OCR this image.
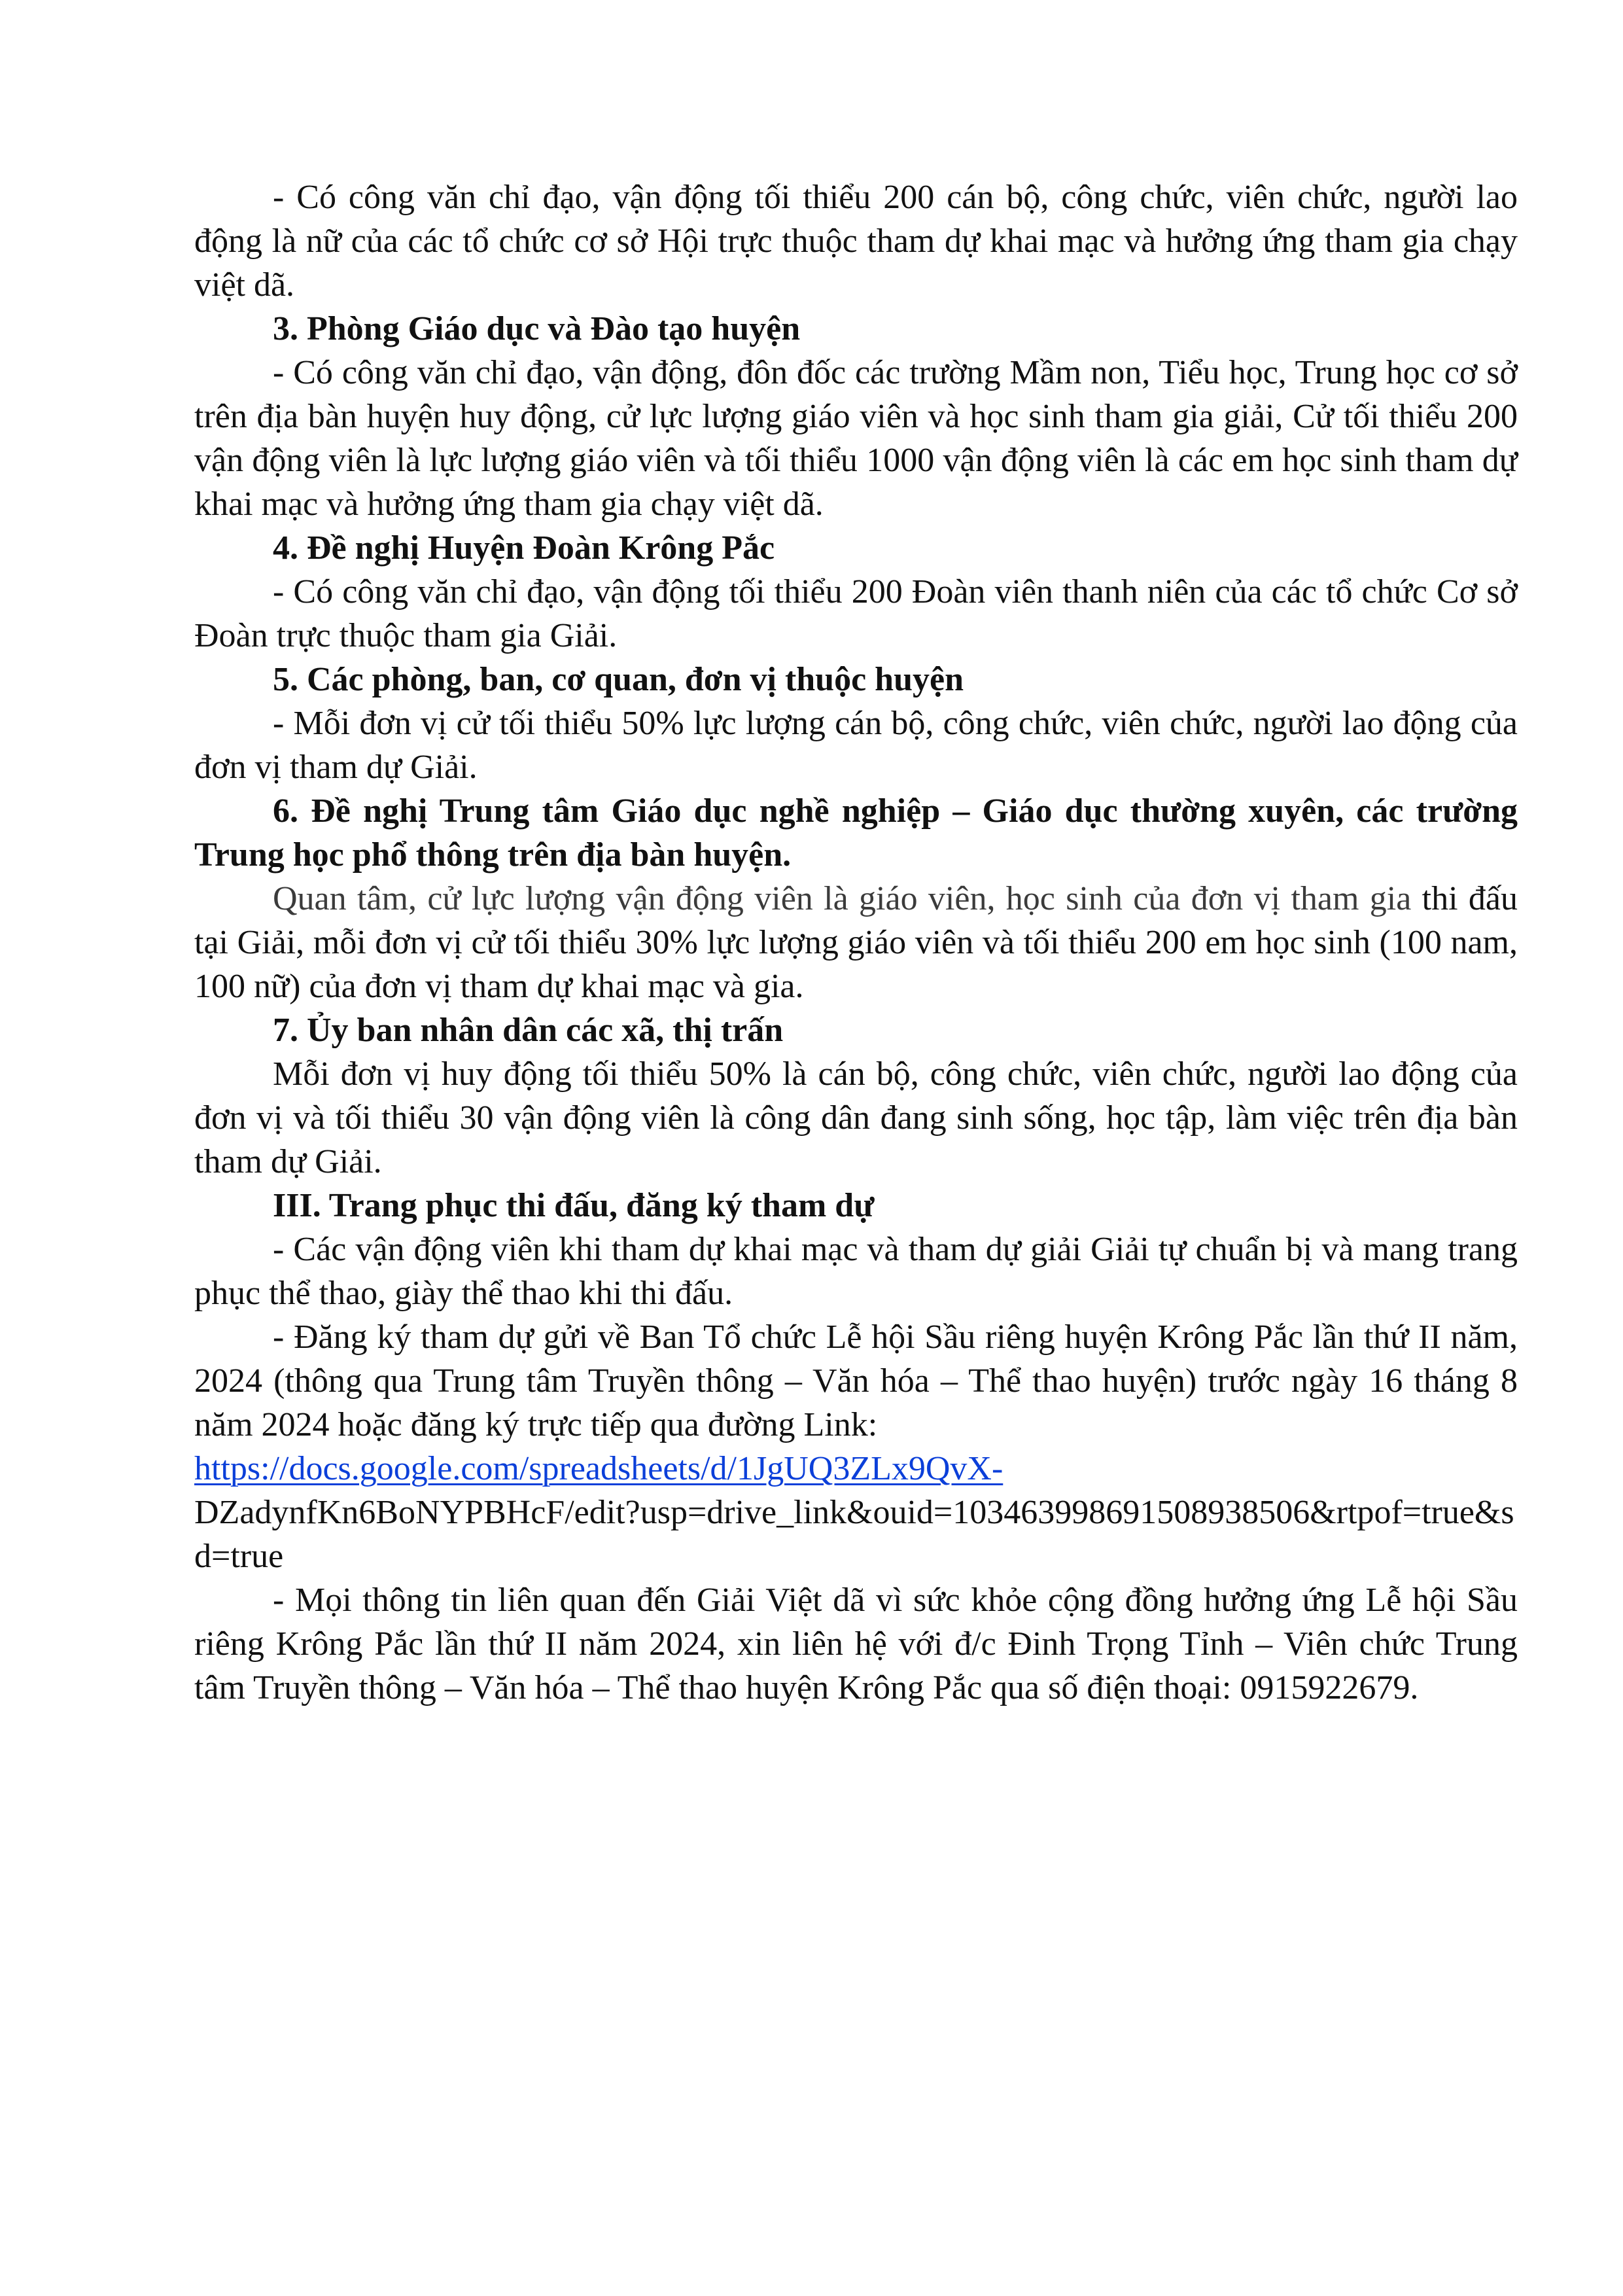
- Có công văn chỉ đạo, vận động tối thiểu 200 cán bộ, công chức, viên chức, người lao động là nữ của các tổ chức cơ sở Hội trực thuộc tham dự khai mạc và hưởng ứng tham gia chạy việt dã.

3. Phòng Giáo dục và Đào tạo huyện

- Có công văn chỉ đạo, vận động, đôn đốc các trường Mầm non, Tiểu học, Trung học cơ sở trên địa bàn huyện huy động, cử lực lượng giáo viên và học sinh tham gia giải, Cử tối thiểu 200 vận động viên là lực lượng giáo viên và tối thiểu 1000 vận động viên là các em học sinh tham dự khai mạc và hưởng ứng tham gia chạy việt dã.

4. Đề nghị Huyện Đoàn Krông Pắc

- Có công văn chỉ đạo, vận động tối thiểu 200 Đoàn viên thanh niên của các tổ chức Cơ sở Đoàn trực thuộc tham gia Giải.

5. Các phòng, ban, cơ quan, đơn vị thuộc huyện

- Mỗi đơn vị cử tối thiểu 50% lực lượng cán bộ, công chức, viên chức, người lao động của đơn vị tham dự Giải.

6. Đề nghị Trung tâm Giáo dục nghề nghiệp – Giáo dục thường xuyên, các trường Trung học phổ thông trên địa bàn huyện.

Quan tâm, cử lực lượng vận động viên là giáo viên, học sinh của đơn vị tham gia thi đấu tại Giải, mỗi đơn vị cử tối thiểu 30% lực lượng giáo viên và tối thiểu 200 em học sinh (100 nam, 100 nữ) của đơn vị tham dự khai mạc và gia.

7. Ủy ban nhân dân các xã, thị trấn

Mỗi đơn vị huy động tối thiểu 50% là cán bộ, công chức, viên chức, người lao động của đơn vị và tối thiểu 30 vận động viên là công dân đang sinh sống, học tập, làm việc trên địa bàn tham dự Giải.

III. Trang phục thi đấu, đăng ký tham dự

- Các vận động viên khi tham dự khai mạc và tham dự giải Giải tự chuẩn bị và mang trang phục thể thao, giày thể thao khi thi đấu.

- Đăng ký tham dự gửi về Ban Tổ chức Lễ hội Sầu riêng huyện Krông Pắc lần thứ II năm, 2024 (thông qua Trung tâm Truyền thông – Văn hóa – Thể thao huyện) trước ngày 16 tháng 8 năm 2024 hoặc đăng ký trực tiếp qua đường Link:

https://docs.google.com/spreadsheets/d/1JgUQ3ZLx9QvX-
DZadynfKn6BoNYPBHcF/edit?usp=drive_link&ouid=103463998691508938506&rtpof=true&sd=true

- Mọi thông tin liên quan đến Giải Việt dã vì sức khỏe cộng đồng hưởng ứng Lễ hội Sầu riêng Krông Pắc lần thứ II năm 2024, xin liên hệ với đ/c Đinh Trọng Tỉnh – Viên chức Trung tâm Truyền thông – Văn hóa – Thể thao huyện Krông Pắc qua số điện thoại: 0915922679.
